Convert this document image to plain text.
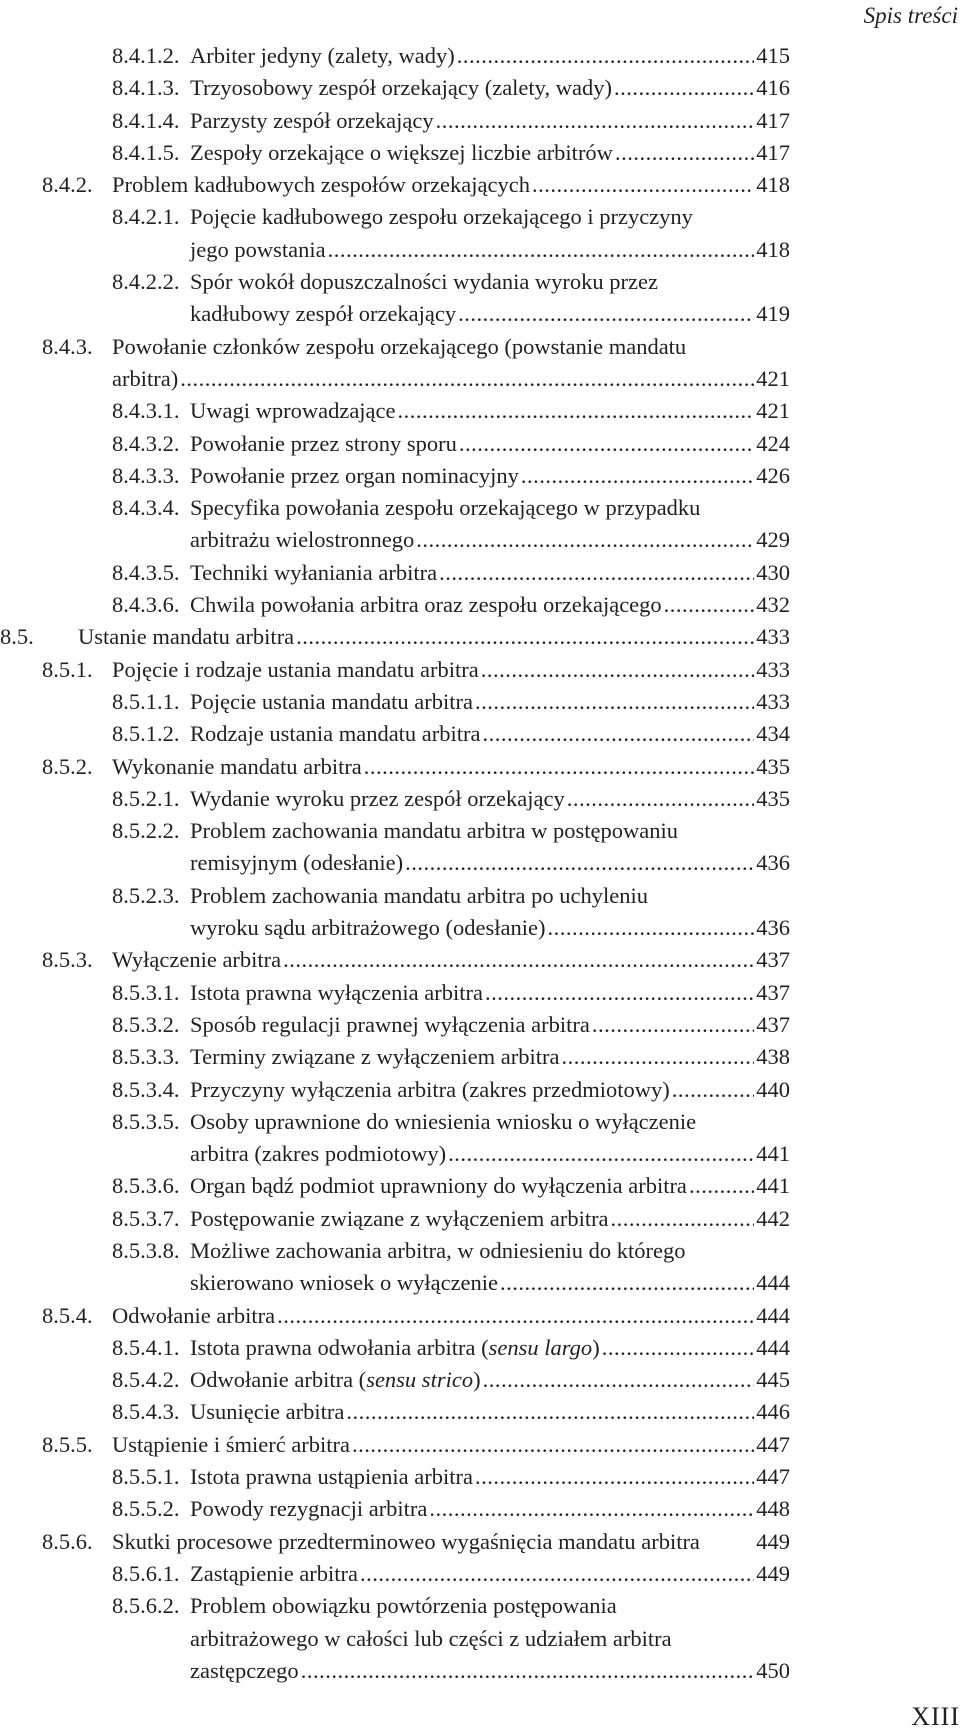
Spis treści
8.4.1.2. Arbiter jedyny (zalety, wady) .....	415
8.4.1.3. Trzyosobowy zespół orzekający (zalety, wady) .....	416
8.4.1.4. Parzysty zespół orzekający .....	417
8.4.1.5. Zespoły orzekające o większej liczbie arbitrów .....	417
8.4.2. Problem kadłubowych zespołów orzekających .....	418
8.4.2.1. Pojęcie kadłubowego zespołu orzekającego i przyczyny
jego powstania .....	418
8.4.2.2. Spór wokół dopuszczalności wydania wyroku przez
kadłubowy zespół orzekający .....	419
8.4.3. Powołanie członków zespołu orzekającego (powstanie mandatu
arbitra) .....	421
8.4.3.1. Uwagi wprowadzające .....	421
8.4.3.2. Powołanie przez strony sporu .....	424
8.4.3.3. Powołanie przez organ nominacyjny .....	426
8.4.3.4. Specyfika powołania zespołu orzekającego w przypadku
arbitrażu wielostronnego .....	429
8.4.3.5. Techniki wyłaniania arbitra .....	430
8.4.3.6. Chwila powołania arbitra oraz zespołu orzekającego .....	432
8.5.	Ustanie mandatu arbitra .....	433
8.5.1. Pojęcie i rodzaje ustania mandatu arbitra .....	433
8.5.1.1. Pojęcie ustania mandatu arbitra .....	433
8.5.1.2. Rodzaje ustania mandatu arbitra .....	434
8.5.2. Wykonanie mandatu arbitra .....	435
8.5.2.1. Wydanie wyroku przez zespół orzekający .....	435
8.5.2.2. Problem zachowania mandatu arbitra w postępowaniu
remisyjnym (odesłanie) .....	436
8.5.2.3. Problem zachowania mandatu arbitra po uchyleniu
wyroku sądu arbitrażowego (odesłanie) .....	436
8.5.3. Wyłączenie arbitra .....	437
8.5.3.1. Istota prawna wyłączenia arbitra .....	437
8.5.3.2. Sposób regulacji prawnej wyłączenia arbitra .....	437
8.5.3.3. Terminy związane z wyłączeniem arbitra .....	438
8.5.3.4. Przyczyny wyłączenia arbitra (zakres przedmiotowy) .....	440
8.5.3.5. Osoby uprawnione do wniesienia wniosku o wyłączenie
arbitra (zakres podmiotowy) .....	441
8.5.3.6. Organ bądź podmiot uprawniony do wyłączenia arbitra .....	441
8.5.3.7. Postępowanie związane z wyłączeniem arbitra .....	442
8.5.3.8. Możliwe zachowania arbitra, w odniesieniu do którego
skierowano wniosek o wyłączenie .....	444
8.5.4. Odwołanie arbitra .....	444
8.5.4.1. Istota prawna odwołania arbitra (sensu largo) .....	444
8.5.4.2. Odwołanie arbitra (sensu strico) .....	445
8.5.4.3. Usunięcie arbitra .....	446
8.5.5. Ustąpienie i śmierć arbitra .....	447
8.5.5.1. Istota prawna ustąpienia arbitra .....	447
8.5.5.2. Powody rezygnacji arbitra .....	448
8.5.6. Skutki procesowe przedterminoweo wygaśnięcia mandatu arbitra	449
8.5.6.1. Zastąpienie arbitra .....	449
8.5.6.2. Problem obowiązku powtórzenia postępowania
arbitrażowego w całości lub części z udziałem arbitra
zastępczego .....	450
XIII
